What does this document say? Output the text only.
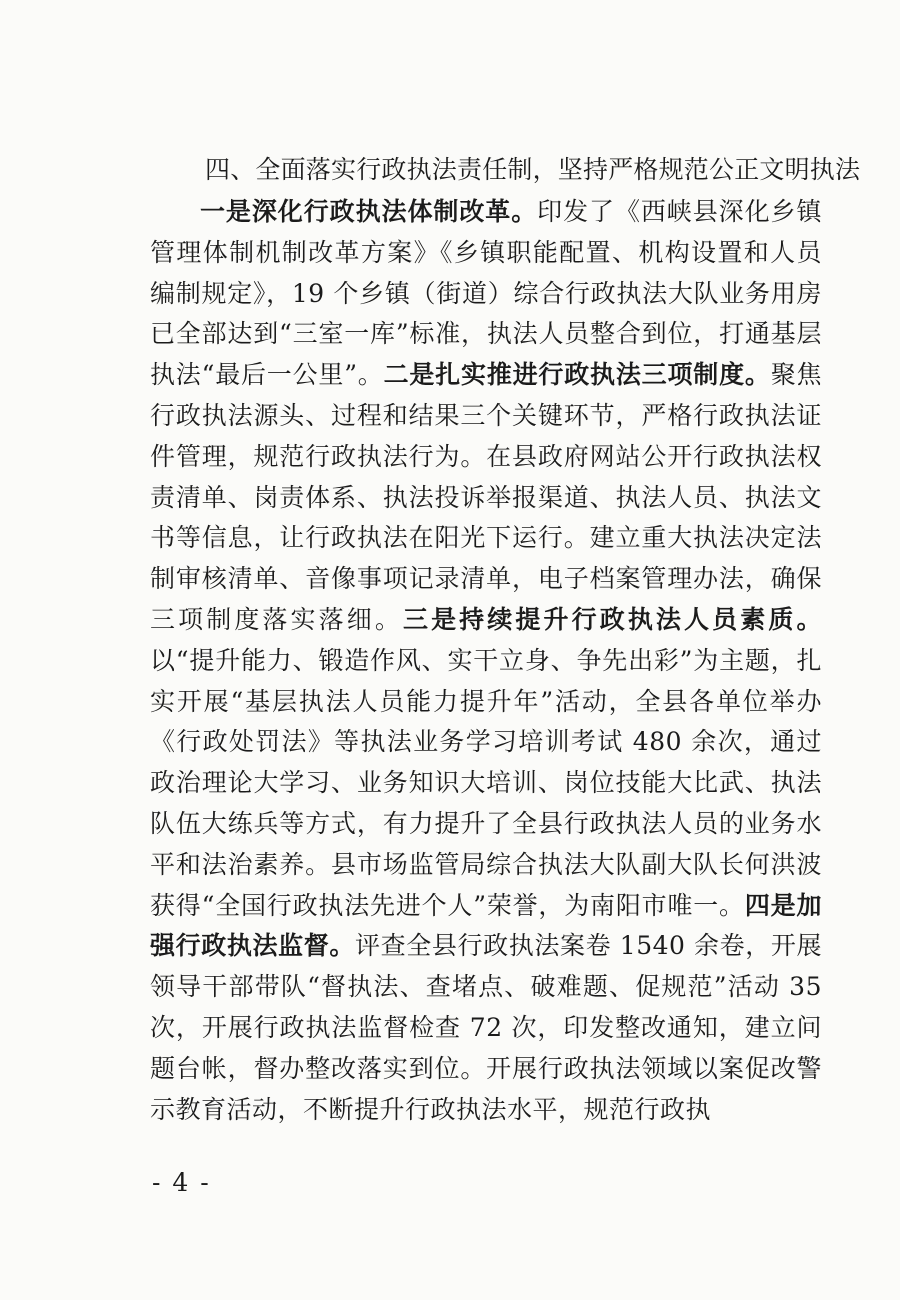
四、全面落实行政执法责任制，坚持严格规范公正文明执法
一是深化行政执法体制改革。印发了《西峡县深化乡镇管理体制机制改革方案》《乡镇职能配置、机构设置和人员编制规定》，19 个乡镇（街道）综合行政执法大队业务用房已全部达到“三室一库”标准，执法人员整合到位，打通基层执法“最后一公里”。二是扎实推进行政执法三项制度。聚焦行政执法源头、过程和结果三个关键环节，严格行政执法证件管理，规范行政执法行为。在县政府网站公开行政执法权责清单、岗责体系、执法投诉举报渠道、执法人员、执法文书等信息，让行政执法在阳光下运行。建立重大执法决定法制审核清单、音像事项记录清单，电子档案管理办法，确保三项制度落实落细。三是持续提升行政执法人员素质。以“提升能力、锻造作风、实干立身、争先出彩”为主题，扎实开展“基层执法人员能力提升年”活动，全县各单位举办《行政处罚法》等执法业务学习培训考试 480 余次，通过政治理论大学习、业务知识大培训、岗位技能大比武、执法队伍大练兵等方式，有力提升了全县行政执法人员的业务水平和法治素养。县市场监管局综合执法大队副大队长何洪波获得“全国行政执法先进个人”荣誉，为南阳市唯一。四是加强行政执法监督。评查全县行政执法案卷 1540 余卷，开展领导干部带队“督执法、查堵点、破难题、促规范”活动 35 次，开展行政执法监督检查 72 次，印发整改通知，建立问题台帐，督办整改落实到位。开展行政执法领域以案促改警示教育活动，不断提升行政执法水平，规范行政执
- 4 -
